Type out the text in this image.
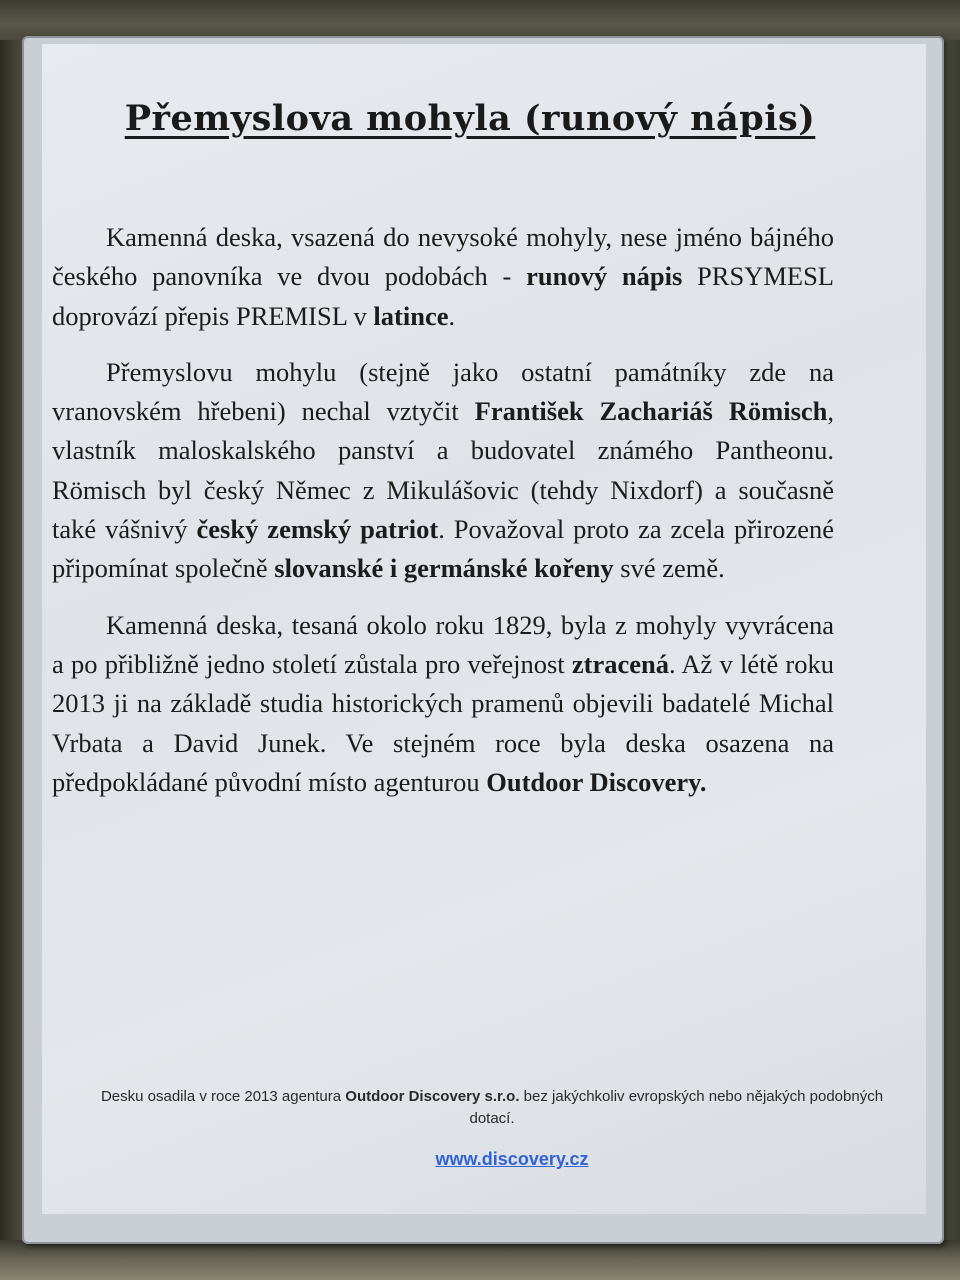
Přemyslova mohyla (runový nápis)

Kamenná deska, vsazená do nevysoké mohyly, nese jméno bájného českého panovníka ve dvou podobách - runový nápis PRSYMESL doprovází přepis PREMISL v latince.

Přemyslovu mohylu (stejně jako ostatní památníky zde na vranovském hřebeni) nechal vztyčit František Zachariáš Römisch, vlastník maloskalského panství a budovatel známého Pantheonu. Römisch byl český Němec z Mikulášovic (tehdy Nixdorf) a současně také vášnivý český zemský patriot. Považoval proto za zcela přirozené připomínat společně slovanské i germánské kořeny své země.

Kamenná deska, tesaná okolo roku 1829, byla z mohyly vyvrácena a po přibližně jedno století zůstala pro veřejnost ztracená. Až v létě roku 2013 ji na základě studia historických pramenů objevili badatelé Michal Vrbata a David Junek. Ve stejném roce byla deska osazena na předpokládané původní místo agenturou Outdoor Discovery.

Desku osadila v roce 2013 agentura Outdoor Discovery s.r.o. bez jakýchkoliv evropských nebo nějakých podobných dotací.

www.discovery.cz
